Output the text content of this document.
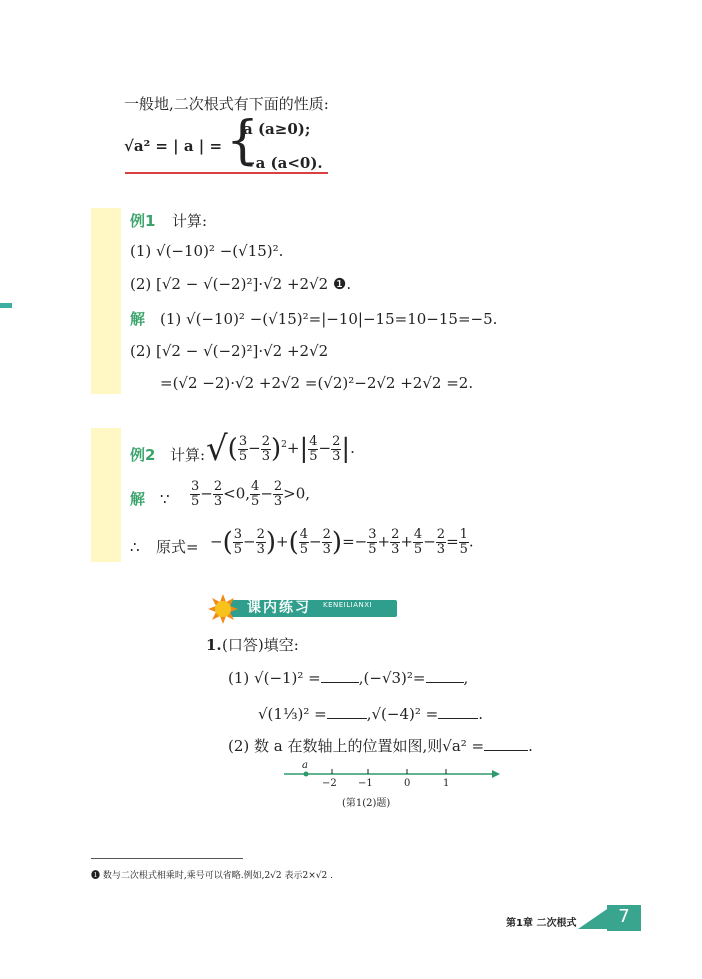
一般地,二次根式有下面的性质:
√a² = | a | = {
a (a≥0);
−a (a<0).
例1 计算:
(1) √(−10)² −(√15)².
(2) [√2 − √(−2)²]·√2 +2√2 ❶.
解 (1) √(−10)² −(√15)²=|−10|−15=10−15=−5.
(2) [√2 − √(−2)²]·√2 +2√2
=(√2 −2)·√2 +2√2 =(√2)²−2√2 +2√2 =2.
例2 计算: √( $\frac{3}{5} - \frac{2}{3} )^2+| \frac{4}{5} - \frac{2}{3}$ |.
解 ∵ $\frac{3}{5} - \frac{2}{3} <0$, $\frac{4}{5} - \frac{2}{3} >0$,
∴ 原式= −( $\frac{3}{5} - \frac{2}{3}$ )+( $\frac{4}{5} - \frac{2}{3}$ )=− $\frac{3}{5} + \frac{2}{3} + \frac{4}{5} - \frac{2}{3} = \frac{1}{5}$ .
课内练习 KENEILIANXI
1. (口答)填空:
(1) √(−1)² =	,(−√3)²=	,
√(1⅓)² =	,√(−4)² =	.
(2) 数 a 在数轴上的位置如图,则√a² =	.
a
−2 −1	0	1
(第1(2)题)
❶ 数与二次根式相乘时,乘号可以省略.例如,2√2 表示2×√2 .
第1章 二次根式	7
